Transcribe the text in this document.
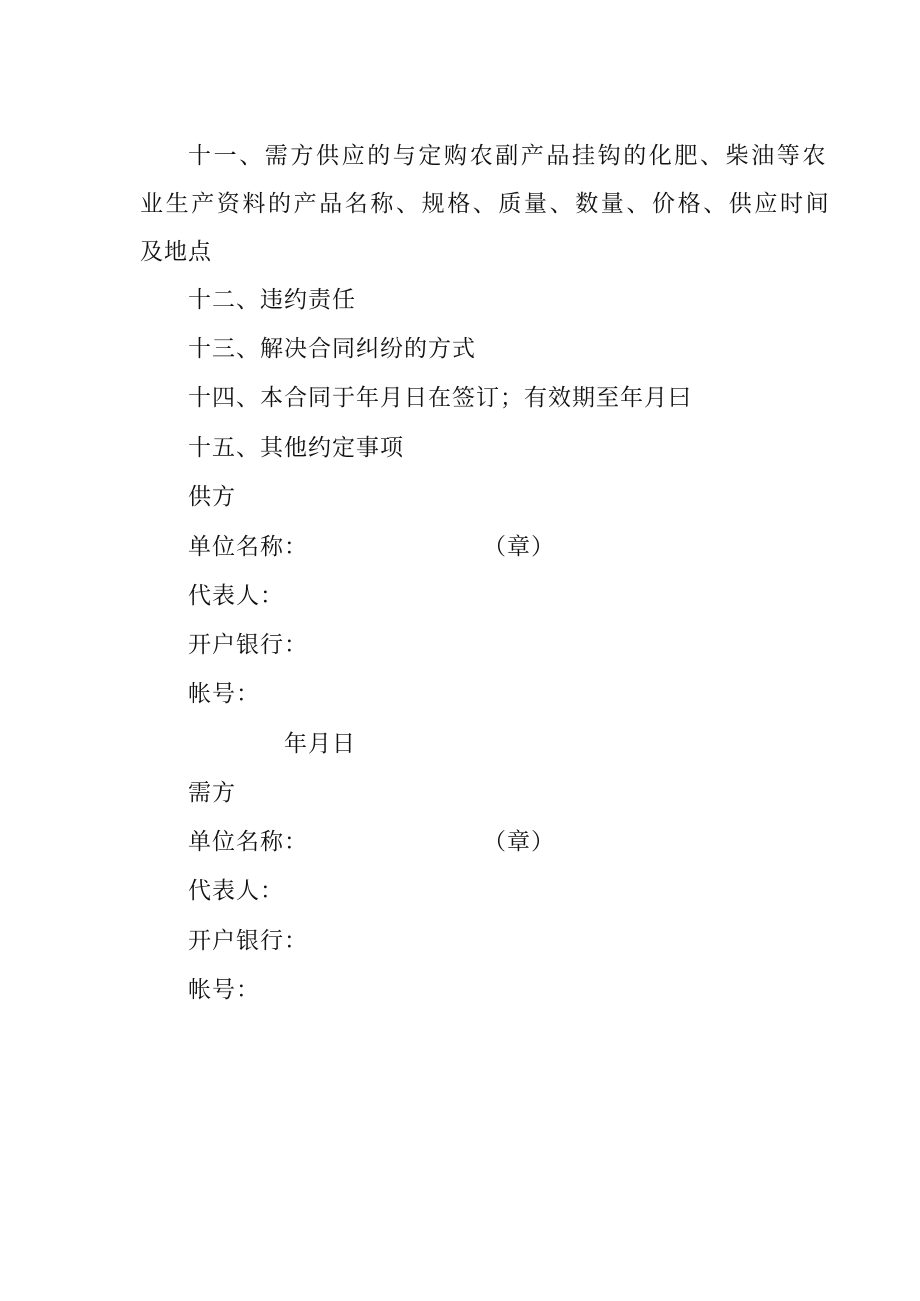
十一、需方供应的与定购农副产品挂钩的化肥、柴油等农
业生产资料的产品名称、规格、质量、数量、价格、供应时间
及地点
十二、违约责任
十三、解决合同纠纷的方式
十四、本合同于年月日在签订；有效期至年月曰
十五、其他约定事项
供方
单位名称：	（章）
代表人：
开户银行：
帐号：
年月日
需方
单位名称：	（章）
代表人：
开户银行：
帐号：
